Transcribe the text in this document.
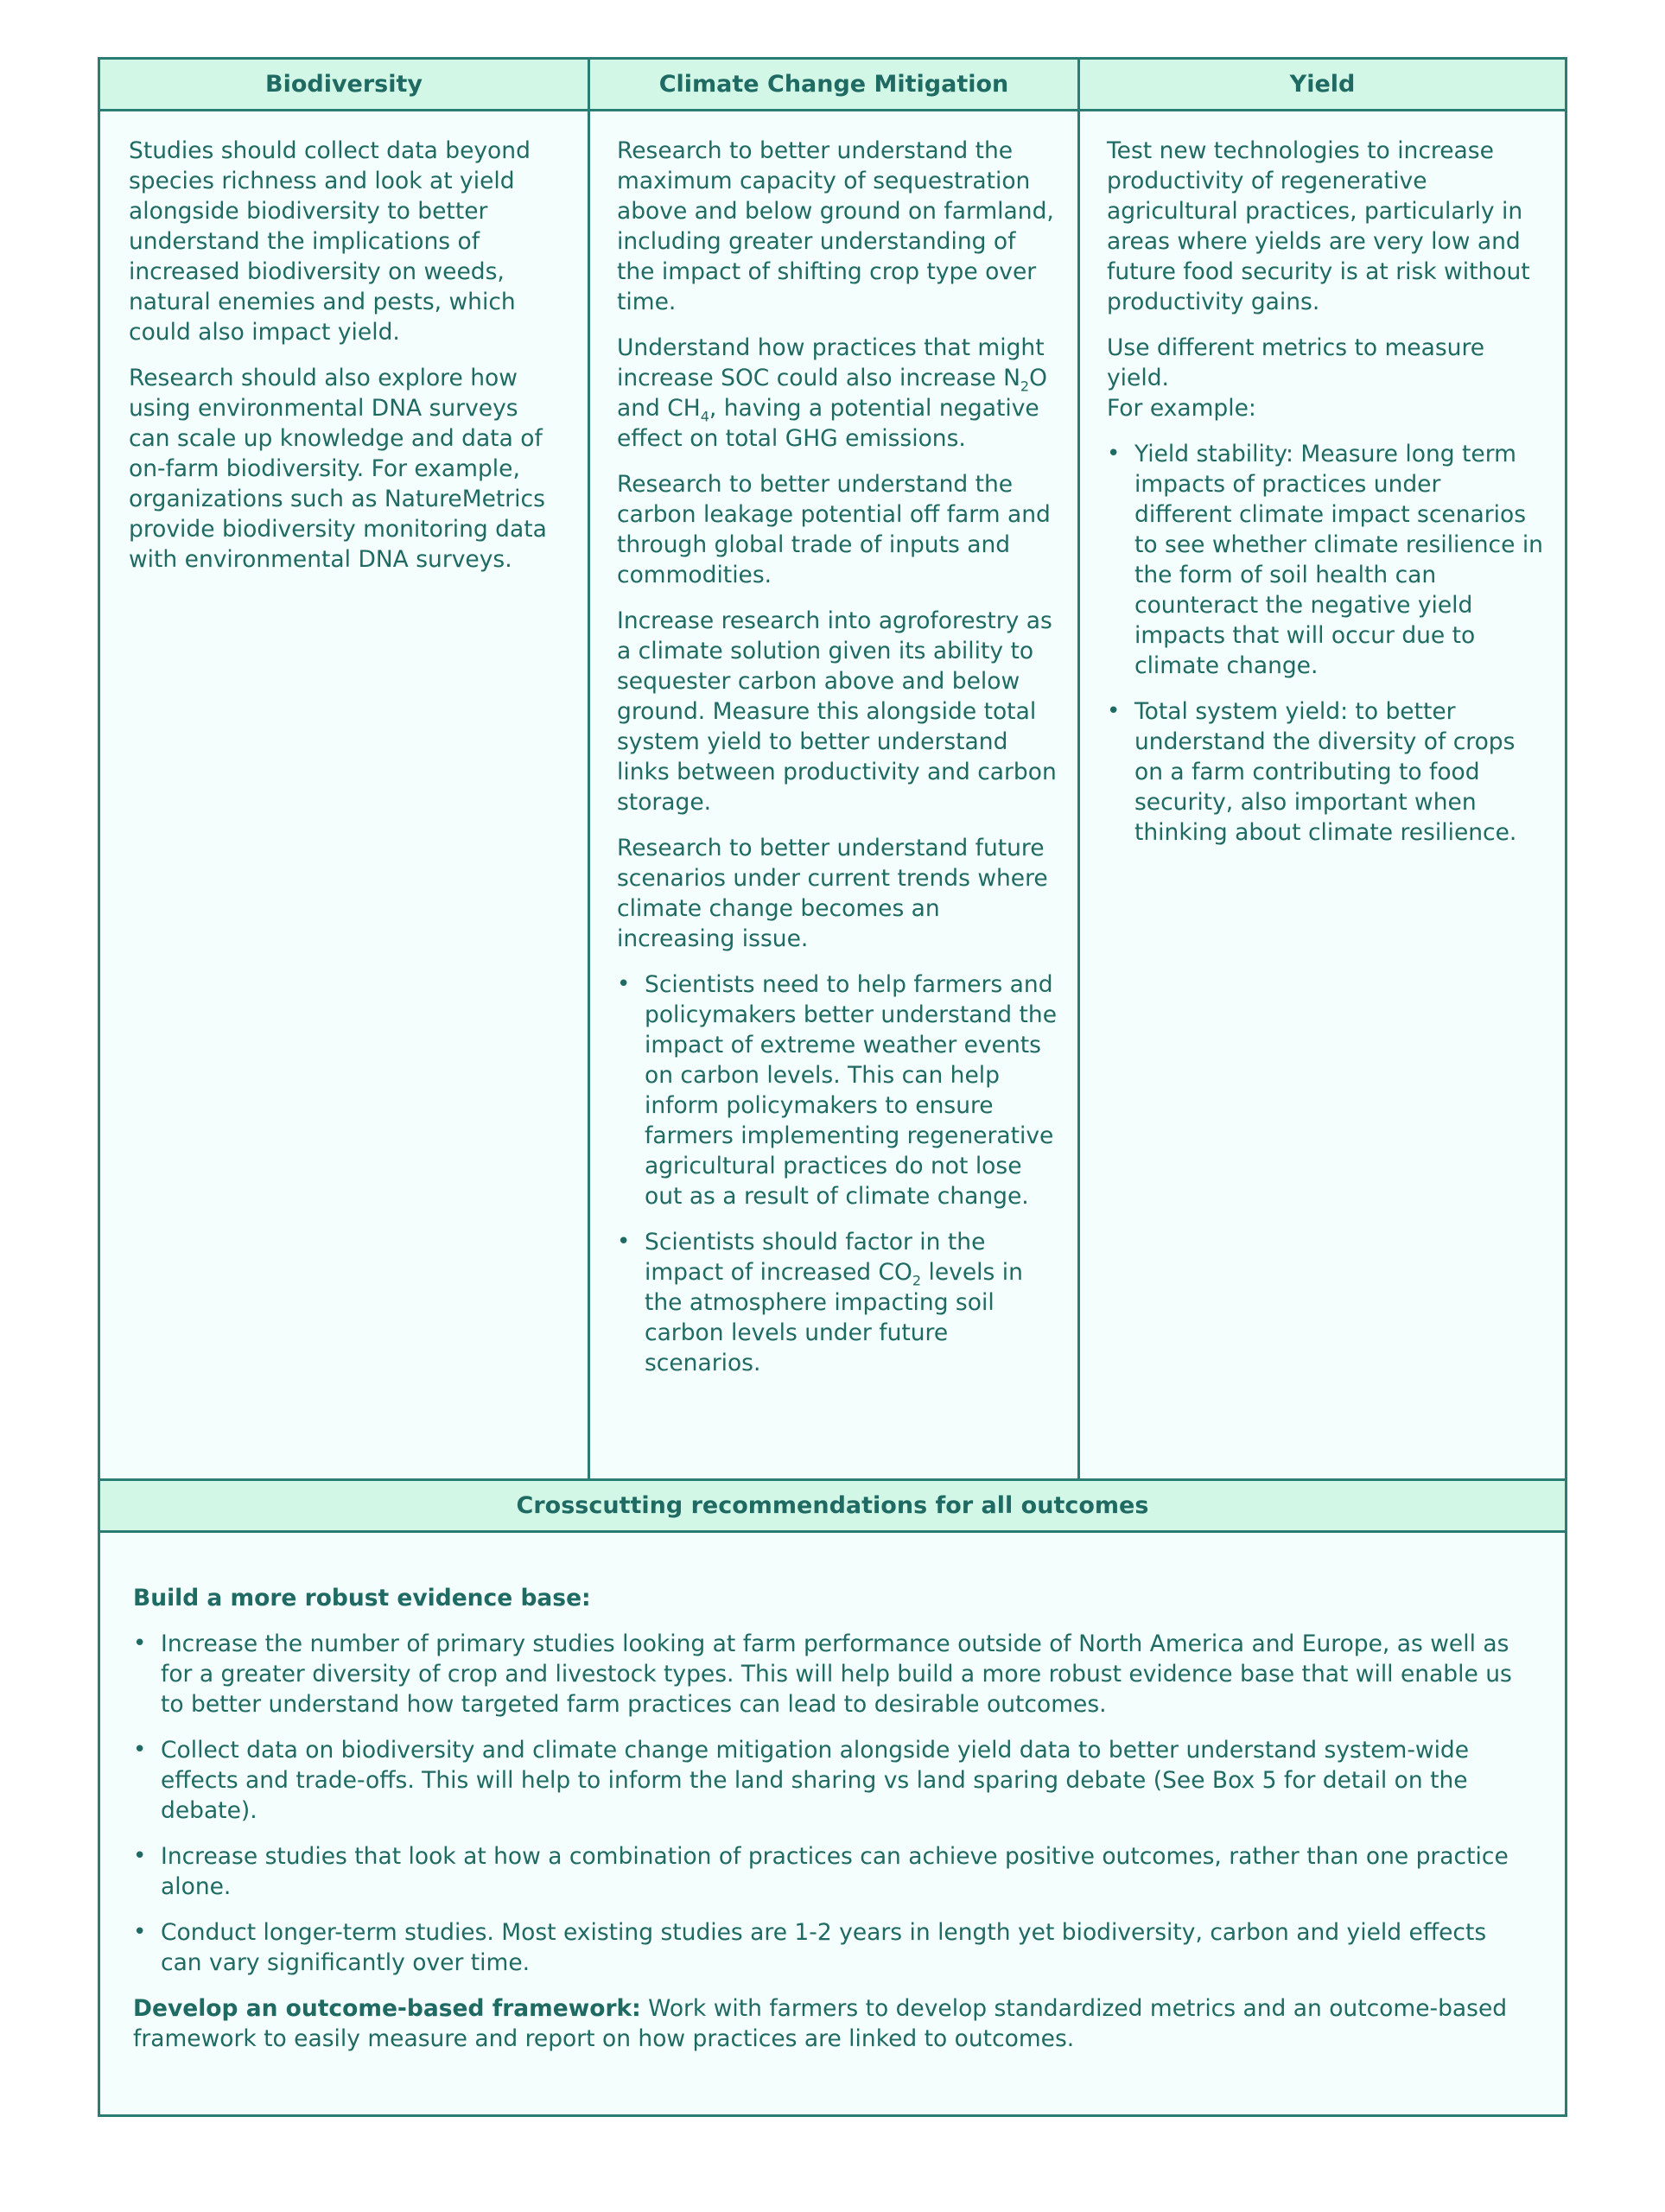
Biodiversity	Climate Change Mitigation	Yield

Studies should collect data beyond species richness and look at yield alongside biodiversity to better understand the implications of increased biodiversity on weeds, natural enemies and pests, which could also impact yield.

Research should also explore how using environmental DNA surveys can scale up knowledge and data of on-farm biodiversity. For example, organizations such as NatureMetrics provide biodiversity monitoring data with environmental DNA surveys.

Research to better understand the maximum capacity of sequestration above and below ground on farmland, including greater understanding of the impact of shifting crop type over time.

Understand how practices that might increase SOC could also increase $N_2O$ and $CH_4$, having a potential negative effect on total GHG emissions.

Research to better understand the carbon leakage potential off farm and through global trade of inputs and commodities.

Increase research into agroforestry as a climate solution given its ability to sequester carbon above and below ground. Measure this alongside total system yield to better understand links between productivity and carbon storage.

Research to better understand future scenarios under current trends where climate change becomes an increasing issue.

• Scientists need to help farmers and policymakers better understand the impact of extreme weather events on carbon levels. This can help inform policymakers to ensure farmers implementing regenerative agricultural practices do not lose out as a result of climate change.
• Scientists should factor in the impact of increased $CO_2$ levels in the atmosphere impacting soil carbon levels under future scenarios.

Test new technologies to increase productivity of regenerative agricultural practices, particularly in areas where yields are very low and future food security is at risk without productivity gains.

Use different metrics to measure yield.
For example:

• Yield stability: Measure long term impacts of practices under different climate impact scenarios to see whether climate resilience in the form of soil health can counteract the negative yield impacts that will occur due to climate change.
• Total system yield: to better understand the diversity of crops on a farm contributing to food security, also important when thinking about climate resilience.
Crosscutting recommendations for all outcomes

Build a more robust evidence base:

• Increase the number of primary studies looking at farm performance outside of North America and Europe, as well as for a greater diversity of crop and livestock types. This will help build a more robust evidence base that will enable us to better understand how targeted farm practices can lead to desirable outcomes.
• Collect data on biodiversity and climate change mitigation alongside yield data to better understand system-wide effects and trade-offs. This will help to inform the land sharing vs land sparing debate (See Box 5 for detail on the debate).
• Increase studies that look at how a combination of practices can achieve positive outcomes, rather than one practice alone.
• Conduct longer-term studies. Most existing studies are 1-2 years in length yet biodiversity, carbon and yield effects can vary significantly over time.

Develop an outcome-based framework: Work with farmers to develop standardized metrics and an outcome-based framework to easily measure and report on how practices are linked to outcomes.
